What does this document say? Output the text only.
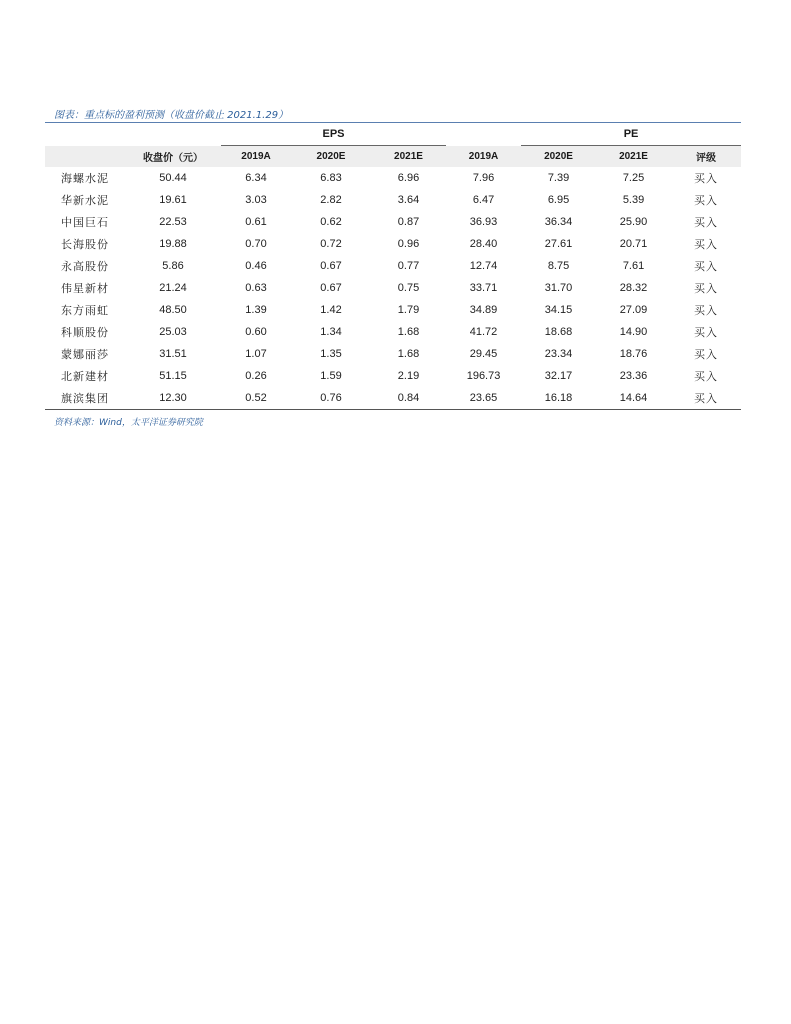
图表：重点标的盈利预测（收盘价截止 2021.1.29）
		EPS				PE		
	收盘价（元）	2019A	2020E	2021E	2019A	2020E	2021E	评级
海螺水泥	50.44	6.34	6.83	6.96	7.96	7.39	7.25	买入
华新水泥	19.61	3.03	2.82	3.64	6.47	6.95	5.39	买入
中国巨石	22.53	0.61	0.62	0.87	36.93	36.34	25.90	买入
长海股份	19.88	0.70	0.72	0.96	28.40	27.61	20.71	买入
永高股份	5.86	0.46	0.67	0.77	12.74	8.75	7.61	买入
伟星新材	21.24	0.63	0.67	0.75	33.71	31.70	28.32	买入
东方雨虹	48.50	1.39	1.42	1.79	34.89	34.15	27.09	买入
科顺股份	25.03	0.60	1.34	1.68	41.72	18.68	14.90	买入
蒙娜丽莎	31.51	1.07	1.35	1.68	29.45	23.34	18.76	买入
北新建材	51.15	0.26	1.59	2.19	196.73	32.17	23.36	买入
旗滨集团	12.30	0.52	0.76	0.84	23.65	16.18	14.64	买入
资料来源：Wind，太平洋证券研究院
